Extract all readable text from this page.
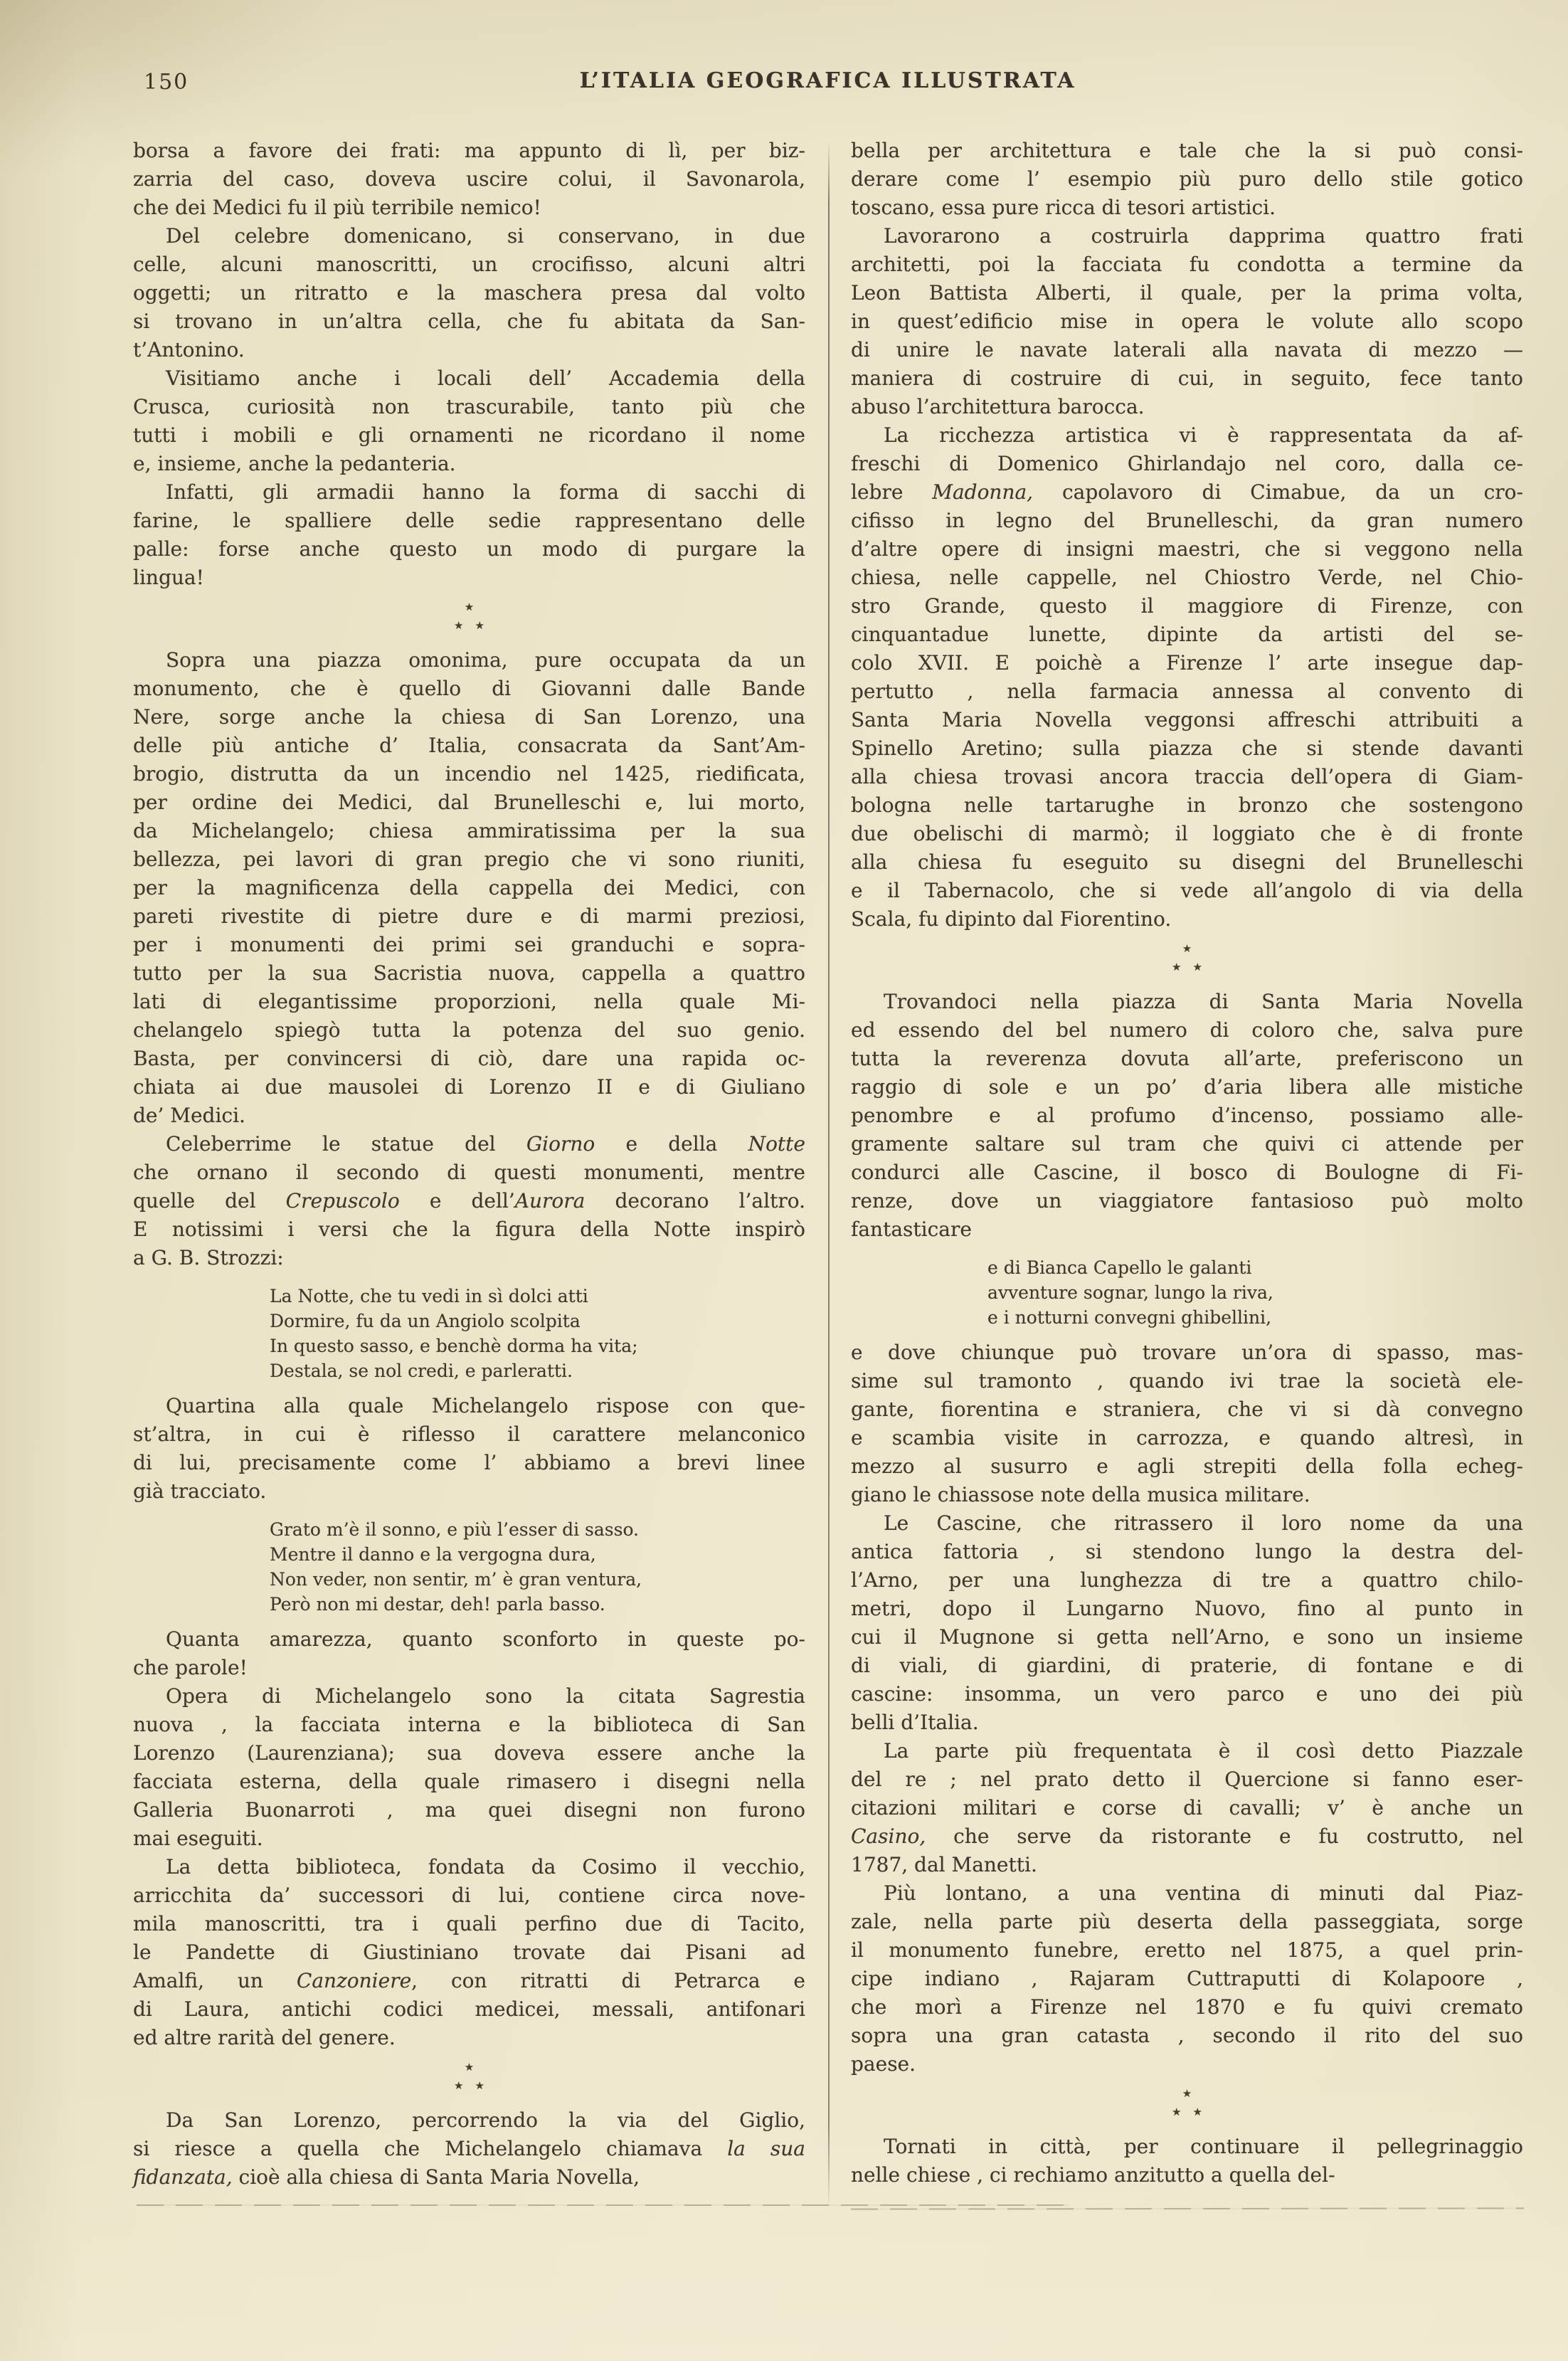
150	L’ITALIA GEOGRAFICA ILLUSTRATA
borsa a favore dei frati: ma appunto di lì, per biz-
zarria del caso, doveva uscire colui, il Savonarola,
che dei Medici fu il più terribile nemico!
Del celebre domenicano, si conservano, in due
celle, alcuni manoscritti, un crocifisso, alcuni altri
oggetti; un ritratto e la maschera presa dal volto
si trovano in un’altra cella, che fu abitata da San-
t’Antonino.
Visitiamo anche i locali dell’ Accademia della
Crusca, curiosità non trascurabile, tanto più che
tutti i mobili e gli ornamenti ne ricordano il nome
e, insieme, anche la pedanteria.
Infatti, gli armadii hanno la forma di sacchi di
farine, le spalliere delle sedie rappresentano delle
palle: forse anche questo un modo di purgare la
lingua!
★
★★
Sopra una piazza omonima, pure occupata da un
monumento, che è quello di Giovanni dalle Bande
Nere, sorge anche la chiesa di San Lorenzo, una
delle più antiche d’ Italia, consacrata da Sant’Am-
brogio, distrutta da un incendio nel 1425, riedificata,
per ordine dei Medici, dal Brunelleschi e, lui morto,
da Michelangelo; chiesa ammiratissima per la sua
bellezza, pei lavori di gran pregio che vi sono riuniti,
per la magnificenza della cappella dei Medici, con
pareti rivestite di pietre dure e di marmi preziosi,
per i monumenti dei primi sei granduchi e sopra-
tutto per la sua Sacristia nuova, cappella a quattro
lati di elegantissime proporzioni, nella quale Mi-
chelangelo spiegò tutta la potenza del suo genio.
Basta, per convincersi di ciò, dare una rapida oc-
chiata ai due mausolei di Lorenzo II e di Giuliano
de’ Medici.
Celeberrime le statue del Giorno e della Notte
che ornano il secondo di questi monumenti, mentre
quelle del Crepuscolo e dell’Aurora decorano l’altro.
E notissimi i versi che la figura della Notte inspirò
a G. B. Strozzi:
La Notte, che tu vedi in sì dolci atti
Dormire, fu da un Angiolo scolpita
In questo sasso, e benchè dorma ha vita;
Destala, se nol credi, e parleratti.
Quartina alla quale Michelangelo rispose con que-
st’altra, in cui è riflesso il carattere melanconico
di lui, precisamente come l’ abbiamo a brevi linee
già tracciato.
Grato m’è il sonno, e più l’esser di sasso.
Mentre il danno e la vergogna dura,
Non veder, non sentir, m’ è gran ventura,
Però non mi destar, deh! parla basso.
Quanta amarezza, quanto sconforto in queste po-
che parole!
Opera di Michelangelo sono la citata Sagrestia
nuova , la facciata interna e la biblioteca di San
Lorenzo (Laurenziana); sua doveva essere anche la
facciata esterna, della quale rimasero i disegni nella
Galleria Buonarroti , ma quei disegni non furono
mai eseguiti.
La detta biblioteca, fondata da Cosimo il vecchio,
arricchita da’ successori di lui, contiene circa nove-
mila manoscritti, tra i quali perfino due di Tacito,
le Pandette di Giustiniano trovate dai Pisani ad
Amalfi, un Canzoniere, con ritratti di Petrarca e
di Laura, antichi codici medicei, messali, antifonari
ed altre rarità del genere.
★
★★
Da San Lorenzo, percorrendo la via del Giglio,
si riesce a quella che Michelangelo chiamava la sua
fidanzata, cioè alla chiesa di Santa Maria Novella,
bella per architettura e tale che la si può consi-
derare come l’ esempio più puro dello stile gotico
toscano, essa pure ricca di tesori artistici.
Lavorarono a costruirla dapprima quattro frati
architetti, poi la facciata fu condotta a termine da
Leon Battista Alberti, il quale, per la prima volta,
in quest’edificio mise in opera le volute allo scopo
di unire le navate laterali alla navata di mezzo —
maniera di costruire di cui, in seguito, fece tanto
abuso l’architettura barocca.
La ricchezza artistica vi è rappresentata da af-
freschi di Domenico Ghirlandajo nel coro, dalla ce-
lebre Madonna, capolavoro di Cimabue, da un cro-
cifisso in legno del Brunelleschi, da gran numero
d’altre opere di insigni maestri, che si veggono nella
chiesa, nelle cappelle, nel Chiostro Verde, nel Chio-
stro Grande, questo il maggiore di Firenze, con
cinquantadue lunette, dipinte da artisti del se-
colo XVII. E poichè a Firenze l’ arte insegue dap-
pertutto , nella farmacia annessa al convento di
Santa Maria Novella veggonsi affreschi attribuiti a
Spinello Aretino; sulla piazza che si stende davanti
alla chiesa trovasi ancora traccia dell’opera di Giam-
bologna nelle tartarughe in bronzo che sostengono
due obelischi di marmò; il loggiato che è di fronte
alla chiesa fu eseguito su disegni del Brunelleschi
e il Tabernacolo, che si vede all’angolo di via della
Scala, fu dipinto dal Fiorentino.
★
★★
Trovandoci nella piazza di Santa Maria Novella
ed essendo del bel numero di coloro che, salva pure
tutta la reverenza dovuta all’arte, preferiscono un
raggio di sole e un po’ d’aria libera alle mistiche
penombre e al profumo d’incenso, possiamo alle-
gramente saltare sul tram che quivi ci attende per
condurci alle Cascine, il bosco di Boulogne di Fi-
renze, dove un viaggiatore fantasioso può molto
fantasticare
e di Bianca Capello le galanti
avventure sognar, lungo la riva,
e i notturni convegni ghibellini,
e dove chiunque può trovare un’ora di spasso, mas-
sime sul tramonto , quando ivi trae la società ele-
gante, fiorentina e straniera, che vi si dà convegno
e scambia visite in carrozza, e quando altresì, in
mezzo al susurro e agli strepiti della folla echeg-
giano le chiassose note della musica militare.
Le Cascine, che ritrassero il loro nome da una
antica fattoria , si stendono lungo la destra del-
l’Arno, per una lunghezza di tre a quattro chilo-
metri, dopo il Lungarno Nuovo, fino al punto in
cui il Mugnone si getta nell’Arno, e sono un insieme
di viali, di giardini, di praterie, di fontane e di
cascine: insomma, un vero parco e uno dei più
belli d’Italia.
La parte più frequentata è il così detto Piazzale
del re ; nel prato detto il Quercione si fanno eser-
citazioni militari e corse di cavalli; v’ è anche un
Casino, che serve da ristorante e fu costrutto, nel
1787, dal Manetti.
Più lontano, a una ventina di minuti dal Piaz-
zale, nella parte più deserta della passeggiata, sorge
il monumento funebre, eretto nel 1875, a quel prin-
cipe indiano , Rajaram Cuttraputti di Kolapoore ,
che morì a Firenze nel 1870 e fu quivi cremato
sopra una gran catasta , secondo il rito del suo
paese.
★
★★
Tornati in città, per continuare il pellegrinaggio
nelle chiese , ci rechiamo anzitutto a quella del-
